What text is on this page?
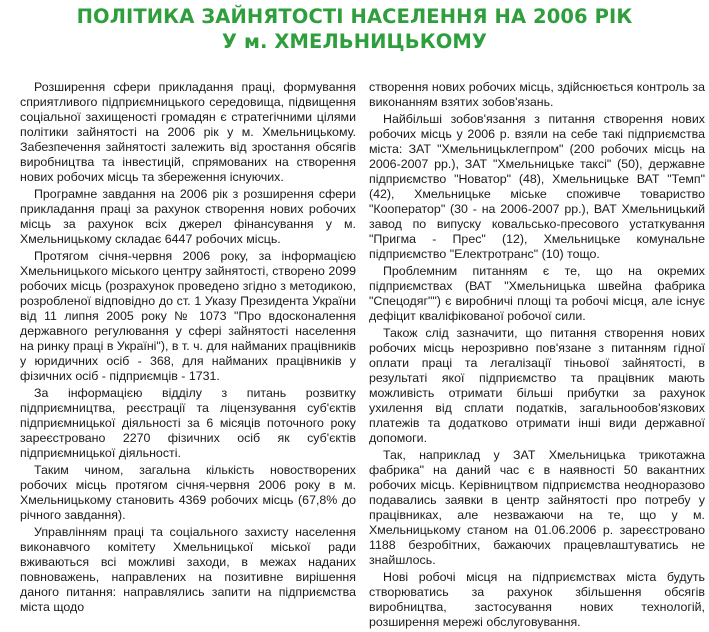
ПОЛІТИКА ЗАЙНЯТОСТІ НАСЕЛЕННЯ НА 2006 РІК
У м. ХМЕЛЬНИЦЬКОМУ

Розширення сфери прикладання праці, формування сприятливого підприємницького середовища, підвищення соціальної захищеності громадян є стратегічними цілями політики зайнятості на 2006 рік у м. Хмельницькому. Забезпечення зайнятості залежить від зростання обсягів виробництва та інвестицій, спрямованих на створення нових робочих місць та збереження існуючих.

Програмне завдання на 2006 рік з розширення сфери прикладання праці за рахунок створення нових робочих місць за рахунок всіх джерел фінансування у м. Хмельницькому складає 6447 робочих місць.

Протягом січня-червня 2006 року, за інформацією Хмельницького міського центру зайнятості, створено 2099 робочих місць (розрахунок проведено згідно з методикою, розробленої відповідно до ст. 1 Указу Президента України від 11 липня 2005 року № 1073 "Про вдосконалення державного регулювання у сфері зайнятості населення на ринку праці в Україні"), в т. ч. для найманих працівників у юридичних осіб - 368, для найманих працівників у фізичних осіб - підприємців - 1731.

За інформацією відділу з питань розвитку підприємництва, реєстрації та ліцензування суб'єктів підприємницької діяльності за 6 місяців поточного року зареєстровано 2270 фізичних осіб як суб'єктів підприємницької діяльності.

Таким чином, загальна кількість новостворених робочих місць протягом січня-червня 2006 року в м. Хмельницькому становить 4369 робочих місць (67,8% до річного завдання).

Управлінням праці та соціального захисту населення виконавчого комітету Хмельницької міської ради вживаються всі можливі заходи, в межах наданих повноважень, направлених на позитивне вирішення даного питання: направлялись запити на підприємства міста щодо

створення нових робочих місць, здійснюється контроль за виконанням взятих зобов'язань.

Найбільші зобов'язання з питання створення нових робочих місць у 2006 р. взяли на себе такі підприємства міста: ЗАТ "Хмельницьклегпром" (200 робочих місць на 2006-2007 рр.), ЗАТ "Хмельницьке таксі" (50), державне підприємство "Новатор" (48), Хмельницьке ВАТ "Темп" (42), Хмельницьке міське споживче товариство "Кооператор" (30 - на 2006-2007 рр.), ВАТ Хмельницький завод по випуску ковальсько-пресового устаткування "Пригма - Прес" (12), Хмельницьке комунальне підприємство "Електротранс" (10) тощо.

Проблемним питанням є те, що на окремих підприємствах (ВАТ "Хмельницька швейна фабрика "Спецодяг"") є виробничі площі та робочі місця, але існує дефіцит кваліфікованої робочої сили.

Також слід зазначити, що питання створення нових робочих місць нерозривно пов'язане з питанням гідної оплати праці та легалізації тіньової зайнятості, в результаті якої підприємство та працівник мають можливість отримати більші прибутки за рахунок ухилення від сплати податків, загальнообов'язкових платежів та додатково отримати інші види державної допомоги.

Так, наприклад у ЗАТ Хмельницька трикотажна фабрика" на даний час є в наявності 50 вакантних робочих місць. Керівництвом підприємства неодноразово подавались заявки в центр зайнятості про потребу у працівниках, але незважаючи на те, що у м. Хмельницькому станом на 01.06.2006 р. зареєстровано 1188 безробітних, бажаючих працевлаштуватись не знайшлось.

Нові робочі місця на підприємствах міста будуть створюватись за рахунок збільшення обсягів виробництва, застосування нових технологій, розширення мережі обслуговування.
